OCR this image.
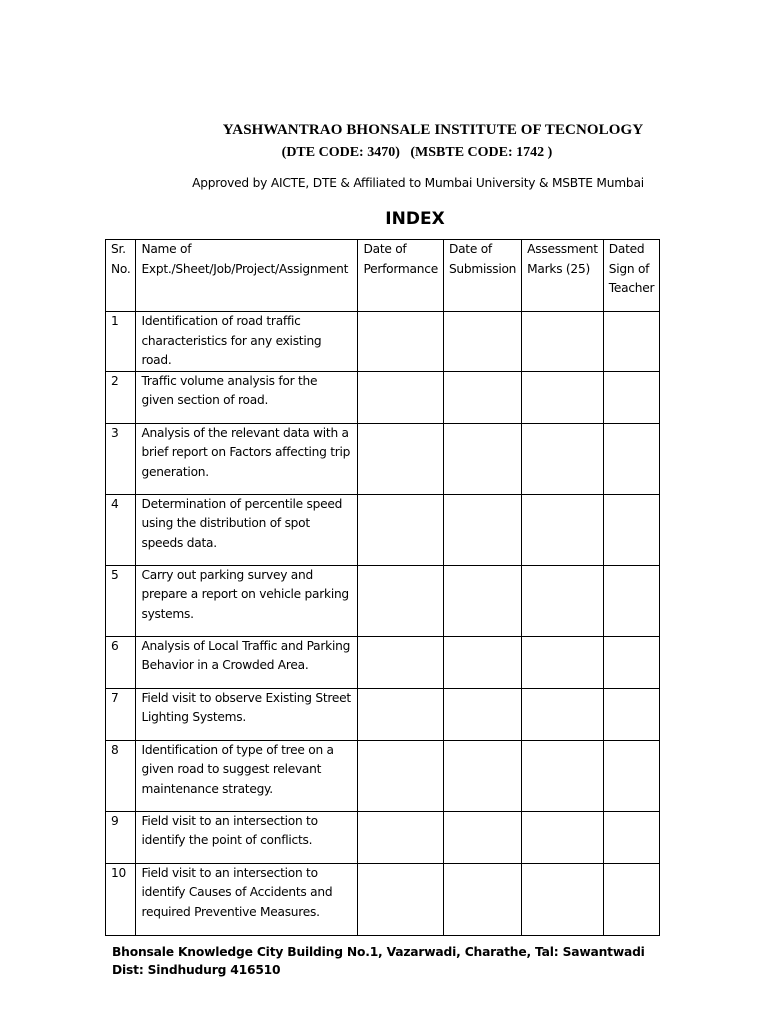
YASHWANTRAO BHONSALE INSTITUTE OF TECNOLOGY
(DTE CODE: 3470)   (MSBTE CODE: 1742 )
Approved by AICTE, DTE & Affiliated to Mumbai University & MSBTE Mumbai
INDEX
Sr. No.	Name of Expt./Sheet/Job/Project/Assignment	Date of Performance	Date of Submission	Assessment Marks (25)	Dated Sign of Teacher
1	Identification of road traffic characteristics for any existing road.				
2	Traffic volume analysis for the given section of road.				
3	Analysis of the relevant data with a brief report on Factors affecting trip generation.				
4	Determination of percentile speed using the distribution of spot speeds data.				
5	Carry out parking survey and prepare a report on vehicle parking systems.				
6	Analysis of Local Traffic and Parking Behavior in a Crowded Area.				
7	Field visit to observe Existing Street Lighting Systems.				
8	Identification of type of tree on a given road to suggest relevant maintenance strategy.				
9	Field visit to an intersection to identify the point of conflicts.				
10	Field visit to an intersection to identify Causes of Accidents and required Preventive Measures.				
Bhonsale Knowledge City Building No.1, Vazarwadi, Charathe, Tal: Sawantwadi Dist: Sindhudurg 416510
